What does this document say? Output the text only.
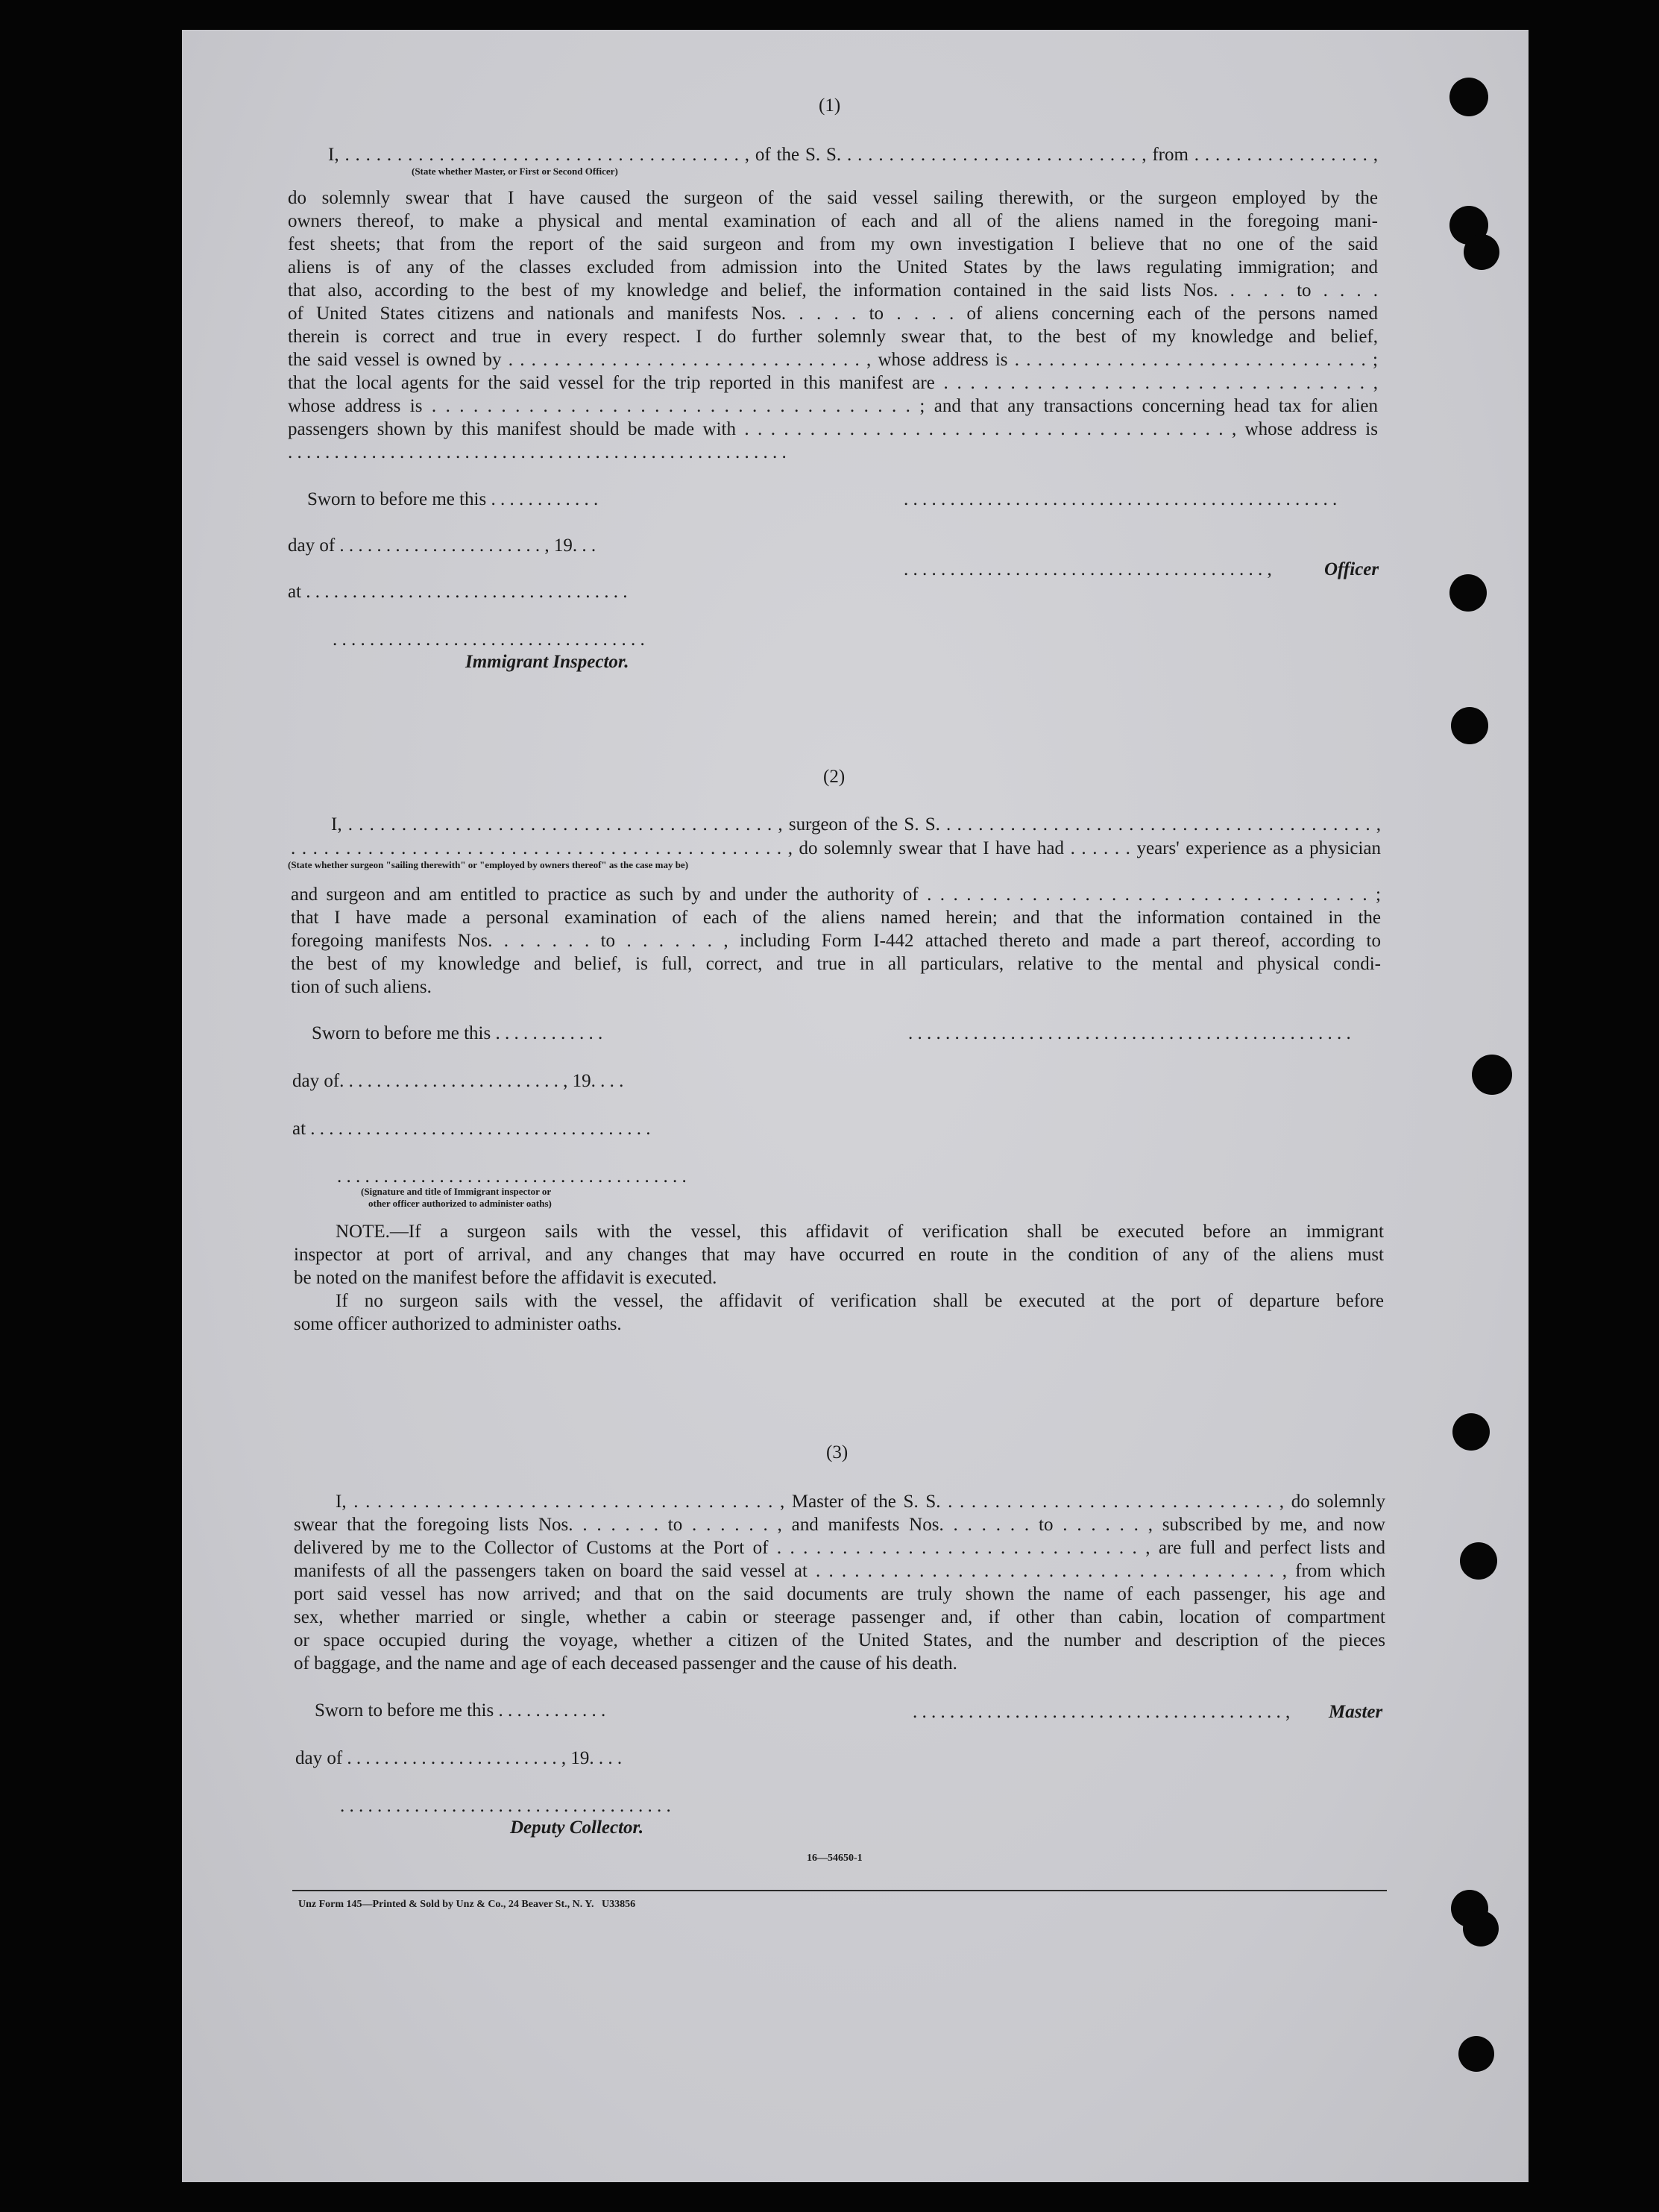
(1)
I, . . . . . . . . . . . . . . . . . . . . . . . . . . . . . . . . . . . . . . , of the S. S. . . . . . . . . . . . . . . . . . . . . . . . . . . . . , from . . . . . . . . . . . . . . . . . ,
(State whether Master, or First or Second Officer)
do solemnly swear that I have caused the surgeon of the said vessel sailing therewith, or the surgeon employed by the
owners thereof, to make a physical and mental examination of each and all of the aliens named in the foregoing mani-
fest sheets; that from the report of the said surgeon and from my own investigation I believe that no one of the said
aliens is of any of the classes excluded from admission into the United States by the laws regulating immigration; and
that also, according to the best of my knowledge and belief, the information contained in the said lists Nos. . . . . to . . . .
of United States citizens and nationals and manifests Nos. . . . . to . . . . of aliens concerning each of the persons named
therein is correct and true in every respect. I do further solemnly swear that, to the best of my knowledge and belief,
the said vessel is owned by . . . . . . . . . . . . . . . . . . . . . . . . . . . . . . . , whose address is . . . . . . . . . . . . . . . . . . . . . . . . . . . . . . . ;
that the local agents for the said vessel for the trip reported in this manifest are . . . . . . . . . . . . . . . . . . . . . . . . . . . . . . . . ,
whose address is . . . . . . . . . . . . . . . . . . . . . . . . . . . . . . . . . . . ; and that any transactions concerning head tax for alien
passengers shown by this manifest should be made with . . . . . . . . . . . . . . . . . . . . . . . . . . . . . . . . . . . . . , whose address is
. . . . . . . . . . . . . . . . . . . . . . . . . . . . . . . . . . . . . . . . . . . . . . . . . . . . . .
Sworn to before me this . . . . . . . . . . . .	. . . . . . . . . . . . . . . . . . . . . . . . . . . . . . . . . . . . . . . . . . . . . . .
day of . . . . . . . . . . . . . . . . . . . . . . , 19. . .
. . . . . . . . . . . . . . . . . . . . . . . . . . . . . . . . . . . . . . . ,	Officer
at . . . . . . . . . . . . . . . . . . . . . . . . . . . . . . . . . . .
. . . . . . . . . . . . . . . . . . . . . . . . . . . . . . . . . .
Immigrant Inspector.
(2)
I, . . . . . . . . . . . . . . . . . . . . . . . . . . . . . . . . . . . . . . . . , surgeon of the S. S. . . . . . . . . . . . . . . . . . . . . . . . . . . . . . . . . . . . . . . . . ,
. . . . . . . . . . . . . . . . . . . . . . . . . . . . . . . . . . . . . . . . . . . . . , do solemnly swear that I have had . . . . . . years' experience as a physician
(State whether surgeon "sailing therewith" or "employed by owners thereof" as the case may be)
and surgeon and am entitled to practice as such by and under the authority of . . . . . . . . . . . . . . . . . . . . . . . . . . . . . . . . . . ;
that I have made a personal examination of each of the aliens named herein; and that the information contained in the
foregoing manifests Nos. . . . . . . to . . . . . . , including Form I-442 attached thereto and made a part thereof, according to
the best of my knowledge and belief, is full, correct, and true in all particulars, relative to the mental and physical condi-
tion of such aliens.
Sworn to before me this . . . . . . . . . . . .	. . . . . . . . . . . . . . . . . . . . . . . . . . . . . . . . . . . . . . . . . . . . . . . .
day of. . . . . . . . . . . . . . . . . . . . . . . . , 19. . . .
at . . . . . . . . . . . . . . . . . . . . . . . . . . . . . . . . . . . . .
. . . . . . . . . . . . . . . . . . . . . . . . . . . . . . . . . . . . . .
(Signature and title of Immigrant inspector or
other officer authorized to administer oaths)
NOTE.—If a surgeon sails with the vessel, this affidavit of verification shall be executed before an immigrant
inspector at port of arrival, and any changes that may have occurred en route in the condition of any of the aliens must
be noted on the manifest before the affidavit is executed.
If no surgeon sails with the vessel, the affidavit of verification shall be executed at the port of departure before
some officer authorized to administer oaths.
(3)
I, . . . . . . . . . . . . . . . . . . . . . . . . . . . . . . . . . . . . , Master of the S. S. . . . . . . . . . . . . . . . . . . . . . . . . . . . . , do solemnly
swear that the foregoing lists Nos. . . . . . . to . . . . . . , and manifests Nos. . . . . . . to . . . . . . , subscribed by me, and now
delivered by me to the Collector of Customs at the Port of . . . . . . . . . . . . . . . . . . . . . . . . . . . . , are full and perfect lists and
manifests of all the passengers taken on board the said vessel at . . . . . . . . . . . . . . . . . . . . . . . . . . . . . . . . . . . . , from which
port said vessel has now arrived; and that on the said documents are truly shown the name of each passenger, his age and
sex, whether married or single, whether a cabin or steerage passenger and, if other than cabin, location of compartment
or space occupied during the voyage, whether a citizen of the United States, and the number and description of the pieces
of baggage, and the name and age of each deceased passenger and the cause of his death.
Sworn to before me this . . . . . . . . . . . .	. . . . . . . . . . . . . . . . . . . . . . . . . . . . . . . . . . . . . . . . , Master
day of . . . . . . . . . . . . . . . . . . . . . . . , 19. . . .
. . . . . . . . . . . . . . . . . . . . . . . . . . . . . . . . . . . .
Deputy Collector.
16—54650-1
Unz Form 145—Printed & Sold by Unz & Co., 24 Beaver St., N. Y.   U33856
